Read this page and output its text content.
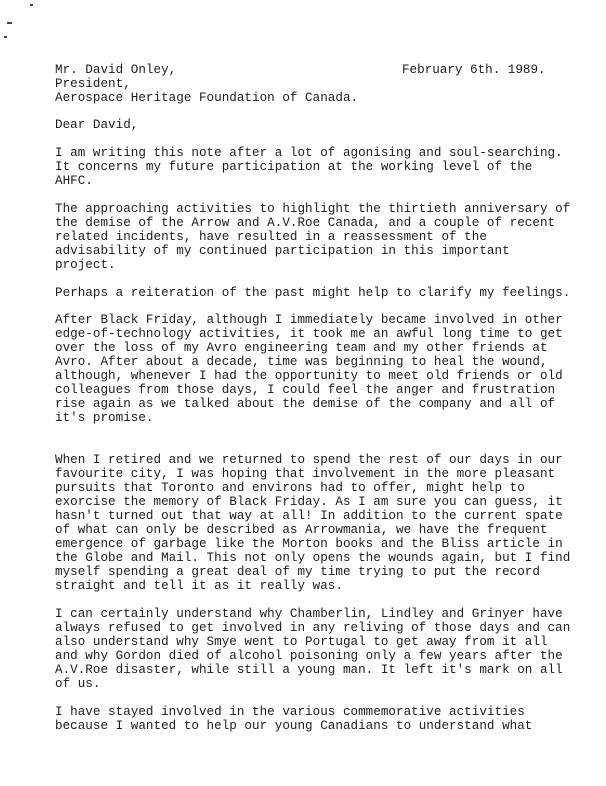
February 6th. 1989.
Mr. David Onley,
President,
Aerospace Heritage Foundation of Canada.
Dear David,
I am writing this note after a lot of agonising and soul-searching.
It concerns my future participation at the working level of the
AHFC.
The approaching activities to highlight the thirtieth anniversary of
the demise of the Arrow and A.V.Roe Canada, and a couple of recent
related incidents, have resulted in a reassessment of the
advisability of my continued participation in this important
project.
Perhaps a reiteration of the past might help to clarify my feelings.
After Black Friday, although I immediately became involved in other
edge-of-technology activities, it took me an awful long time to get
over the loss of my Avro engineering team and my other friends at
Avro. After about a decade, time was beginning to heal the wound,
although, whenever I had the opportunity to meet old friends or old
colleagues from those days, I could feel the anger and frustration
rise again as we talked about the demise of the company and all of
it's promise.
When I retired and we returned to spend the rest of our days in our
favourite city, I was hoping that involvement in the more pleasant
pursuits that Toronto and environs had to offer, might help to
exorcise the memory of Black Friday. As I am sure you can guess, it
hasn't turned out that way at all! In addition to the current spate
of what can only be described as Arrowmania, we have the frequent
emergence of garbage like the Morton books and the Bliss article in
the Globe and Mail. This not only opens the wounds again, but I find
myself spending a great deal of my time trying to put the record
straight and tell it as it really was.
I can certainly understand why Chamberlin, Lindley and Grinyer have
always refused to get involved in any reliving of those days and can
also understand why Smye went to Portugal to get away from it all
and why Gordon died of alcohol poisoning only a few years after the
A.V.Roe disaster, while still a young man. It left it's mark on all
of us.
I have stayed involved in the various commemorative activities
because I wanted to help our young Canadians to understand what
